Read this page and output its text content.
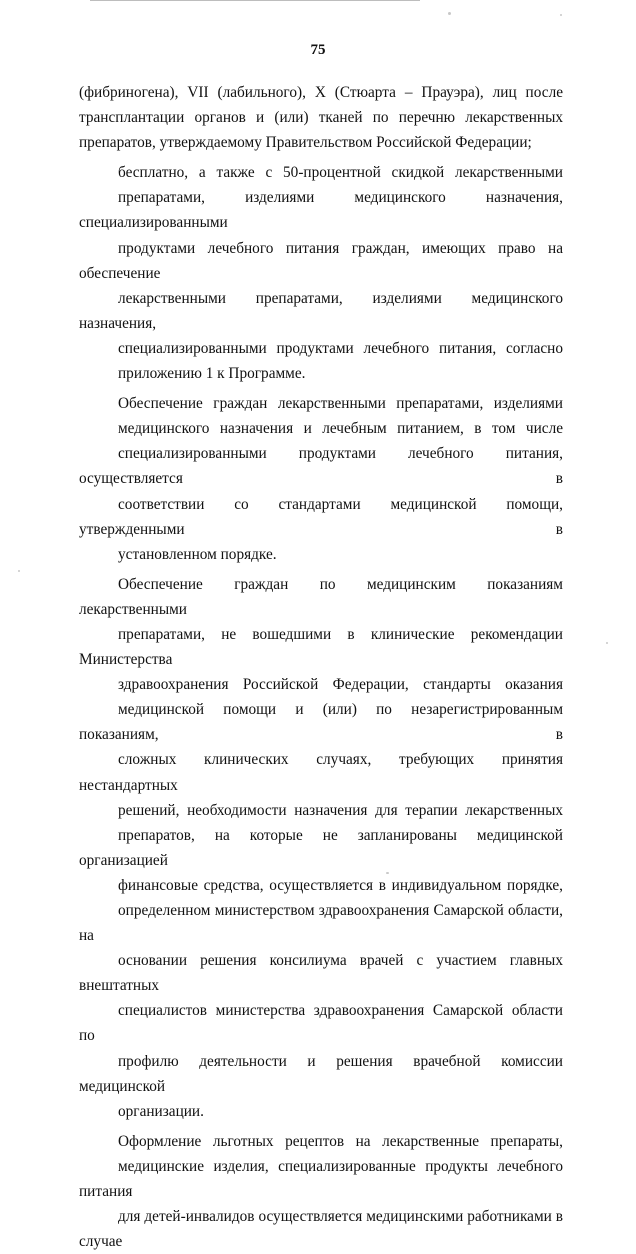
75

(фибриногена), VII (лабильного), X (Стюарта – Прауэра), лиц после
трансплантации органов и (или) тканей по перечню лекарственных
препаратов, утверждаемому Правительством Российской Федерации;

бесплатно, а также с 50-процентной скидкой лекарственными
препаратами, изделиями медицинского назначения, специализированными
продуктами лечебного питания граждан, имеющих право на обеспечение
лекарственными препаратами, изделиями медицинского назначения,
специализированными продуктами лечебного питания, согласно
приложению 1 к Программе.

Обеспечение граждан лекарственными препаратами, изделиями
медицинского назначения и лечебным питанием, в том числе
специализированными продуктами лечебного питания, осуществляется в
соответствии со стандартами медицинской помощи, утвержденными в
установленном порядке.

Обеспечение граждан по медицинским показаниям лекарственными
препаратами, не вошедшими в клинические рекомендации Министерства
здравоохранения Российской Федерации, стандарты оказания
медицинской помощи и (или) по незарегистрированным показаниям, в
сложных клинических случаях, требующих принятия нестандартных
решений, необходимости назначения для терапии лекарственных
препаратов, на которые не запланированы медицинской организацией
финансовые средства, осуществляется в индивидуальном порядке,
определенном министерством здравоохранения Самарской области, на
основании решения консилиума врачей с участием главных внештатных
специалистов министерства здравоохранения Самарской области по
профилю деятельности и решения врачебной комиссии медицинской
организации.

Оформление льготных рецептов на лекарственные препараты,
медицинские изделия, специализированные продукты лечебного питания
для детей-инвалидов осуществляется медицинскими работниками в случае
